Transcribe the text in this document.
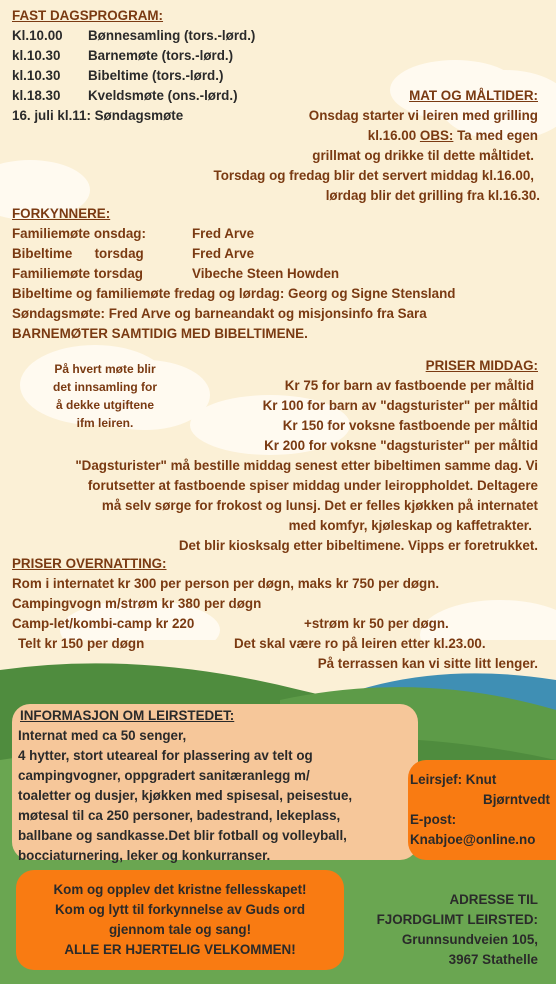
FAST DAGSPROGRAM:
Kl.10.00 Bønnesamling (tors.-lørd.)
kl.10.30 Barnemøte (tors.-lørd.)
kl.10.30 Bibeltime (tors.-lørd.)
kl.18.30 Kveldsmøte (ons.-lørd.)
16. juli kl.11: Søndagsmøte
MAT OG MÅLTIDER:
Onsdag starter vi leiren med grilling
kl.16.00 OBS: Ta med egen
grillmat og drikke til dette måltidet.
Torsdag og fredag blir det servert middag kl.16.00,
lørdag blir det grilling fra kl.16.30.
FORKYNNERE:
Familiemøte onsdag:	Fred Arve
Bibeltime      torsdag	Fred Arve
Familiemøte torsdag	Vibeche Steen Howden
Bibeltime og familiemøte fredag og lørdag: Georg og Signe Stensland
Søndagsmøte: Fred Arve og barneandakt og misjonsinfo fra Sara
BARNEMØTER SAMTIDIG MED BIBELTIMENE.
På hvert møte blir
det innsamling for
å dekke utgiftene
ifm leiren.
PRISER MIDDAG:
Kr 75 for barn av fastboende per måltid
Kr 100 for barn av "dagsturister" per måltid
Kr 150 for voksne fastboende per måltid
Kr 200 for voksne "dagsturister" per måltid
"Dagsturister" må bestille middag senest etter bibeltimen samme dag. Vi
forutsetter at fastboende spiser middag under leiroppholdet. Deltagere
må selv sørge for frokost og lunsj. Det er felles kjøkken på internatet
med komfyr, kjøleskap og kaffetrakter.
Det blir kiosksalg etter bibeltimene. Vipps er foretrukket.
PRISER OVERNATTING:
Rom i internatet kr 300 per person per døgn, maks kr 750 per døgn.
Campingvogn m/strøm kr 380 per døgn
Camp-let/kombi-camp kr 220	+strøm kr 50 per døgn.
Telt kr 150 per døgn	Det skal være ro på leiren etter kl.23.00.
På terrassen kan vi sitte litt lenger.
INFORMASJON OM LEIRSTEDET:
Internat med ca 50 senger,
4 hytter, stort uteareal for plassering av telt og
campingvogner, oppgradert sanitæranlegg m/
toaletter og dusjer, kjøkken med spisesal, peisestue,
møtesal til ca 250 personer, badestrand, lekeplass,
ballbane og sandkasse.Det blir fotball og volleyball,
bocciaturnering, leker og konkurranser.
Leirsjef: Knut
Bjørntvedt
E-post:
Knabjoe@online.no
Kom og opplev det kristne fellesskapet!
Kom og lytt til forkynnelse av Guds ord
gjennom tale og sang!
ALLE ER HJERTELIG VELKOMMEN!
ADRESSE TIL
FJORDGLIMT LEIRSTED:
Grunnsundveien 105,
3967 Stathelle
